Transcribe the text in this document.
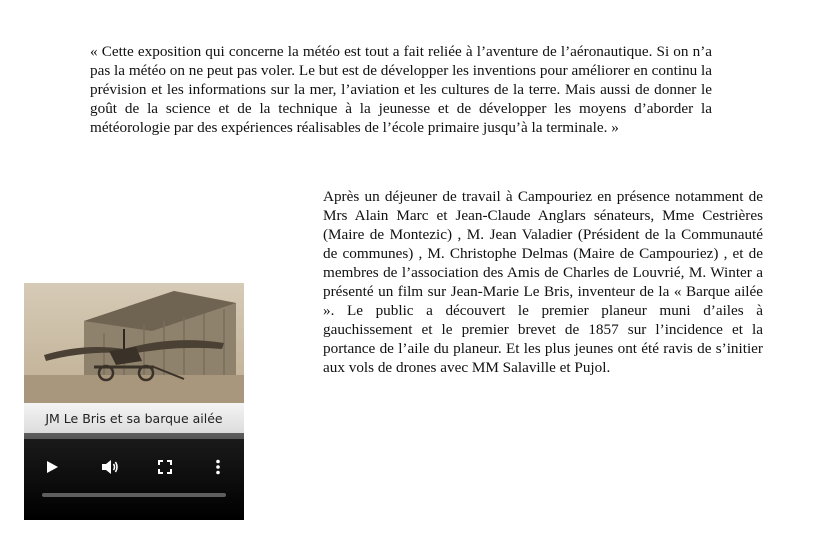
« Cette exposition qui concerne la météo est tout a fait reliée à l’aventure de l’aéronautique. Si on n’a pas la météo on ne peut pas voler. Le but est de développer les inventions pour améliorer en continu la prévision et les informations sur la mer, l’aviation et les cultures de la terre. Mais aussi de donner le goût de la science et de la technique à la jeunesse et de développer les moyens d’aborder la météorologie par des expériences réalisables de l’école primaire jusqu’à la terminale. »
Après un déjeuner de travail à Campouriez en présence notamment de Mrs Alain Marc et Jean-Claude Anglars sénateurs, Mme Cestrières (Maire de Montezic) , M. Jean Valadier (Président de la Communauté de communes) , M. Christophe Delmas (Maire de Campouriez) , et de membres de l’association des Amis de Charles de Louvrié, M. Winter a présenté un film sur Jean-Marie Le Bris, inventeur de la « Barque ailée ». Le public a découvert le premier planeur muni d’ailes à gauchissement et le premier brevet de 1857 sur l’incidence et la portance de l’aile du planeur. Et les plus jeunes ont été ravis de s’initier aux vols de drones avec MM Salaville et Pujol.
JM Le Bris et sa barque ailée
